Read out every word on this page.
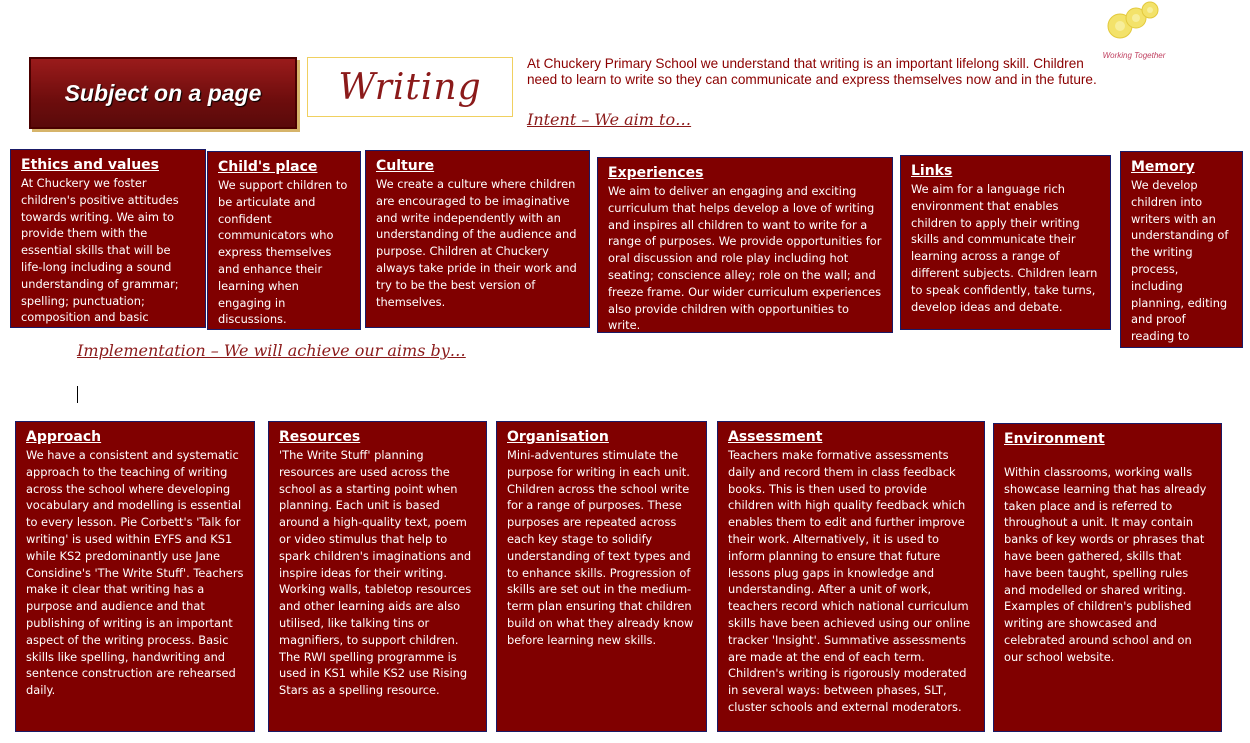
Subject on a page Writing
At Chuckery Primary School we understand that writing is an important lifelong skill. Children need to learn to write so they can communicate and express themselves now and in the future.
Intent – We aim to…
Working Together
Ethics and values
At Chuckery we foster children's positive attitudes towards writing. We aim to provide them with the essential skills that will be life-long including a sound understanding of grammar; spelling; punctuation; composition and basic
Child's place
We support children to be articulate and confident communicators who express themselves and enhance their learning when engaging in discussions.
Culture
We create a culture where children are encouraged to be imaginative and write independently with an understanding of the audience and purpose. Children at Chuckery always take pride in their work and try to be the best version of themselves.
Experiences
We aim to deliver an engaging and exciting curriculum that helps develop a love of writing and inspires all children to want to write for a range of purposes. We provide opportunities for oral discussion and role play including hot seating; conscience alley; role on the wall; and freeze frame. Our wider curriculum experiences also provide children with opportunities to write.
Links
We aim for a language rich environment that enables children to apply their writing skills and communicate their learning across a range of different subjects. Children learn to speak confidently, take turns, develop ideas and debate.
Memory
We develop children into writers with an understanding of the writing process, including planning, editing and proof reading to enhance their work.
Implementation – We will achieve our aims by…
Approach
We have a consistent and systematic approach to the teaching of writing across the school where developing vocabulary and modelling is essential to every lesson. Pie Corbett's 'Talk for writing' is used within EYFS and KS1 while KS2 predominantly use Jane Considine's 'The Write Stuff'. Teachers make it clear that writing has a purpose and audience and that publishing of writing is an important aspect of the writing process. Basic skills like spelling, handwriting and sentence construction are rehearsed daily.
Resources
'The Write Stuff' planning resources are used across the school as a starting point when planning. Each unit is based around a high-quality text, poem or video stimulus that help to spark children's imaginations and inspire ideas for their writing. Working walls, tabletop resources and other learning aids are also utilised, like talking tins or magnifiers, to support children. The RWI spelling programme is used in KS1 while KS2 use Rising Stars as a spelling resource.
Organisation
Mini-adventures stimulate the purpose for writing in each unit. Children across the school write for a range of purposes. These purposes are repeated across each key stage to solidify understanding of text types and to enhance skills. Progression of skills are set out in the medium-term plan ensuring that children build on what they already know before learning new skills.
Assessment
Teachers make formative assessments daily and record them in class feedback books. This is then used to provide children with high quality feedback which enables them to edit and further improve their work. Alternatively, it is used to inform planning to ensure that future lessons plug gaps in knowledge and understanding. After a unit of work, teachers record which national curriculum skills have been achieved using our online tracker 'Insight'. Summative assessments are made at the end of each term. Children's writing is rigorously moderated in several ways: between phases, SLT, cluster schools and external moderators.
Environment
Within classrooms, working walls showcase learning that has already taken place and is referred to throughout a unit. It may contain banks of key words or phrases that have been gathered, skills that have been taught, spelling rules and modelled or shared writing. Examples of children's published writing are showcased and celebrated around school and on our school website.
